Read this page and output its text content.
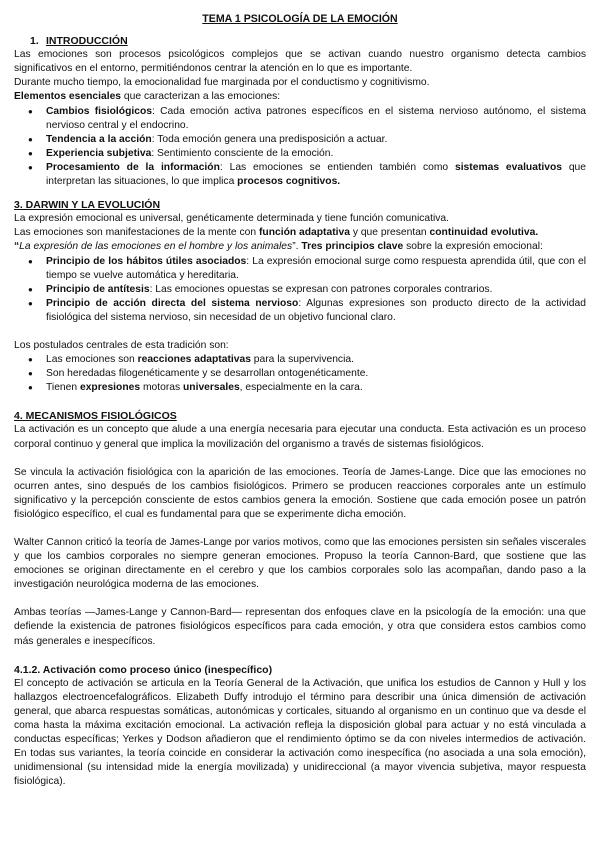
TEMA 1 PSICOLOGÍA DE LA EMOCIÓN
1. INTRODUCCIÓN

Las emociones son procesos psicológicos complejos que se activan cuando nuestro organismo detecta cambios significativos en el entorno, permitiéndonos centrar la atención en lo que es importante.

Durante mucho tiempo, la emocionalidad fue marginada por el conductismo y cognitivismo.

Elementos esenciales que caracterizan a las emociones:

● Cambios fisiológicos: Cada emoción activa patrones específicos en el sistema nervioso autónomo, el sistema nervioso central y el endocrino.
● Tendencia a la acción: Toda emoción genera una predisposición a actuar.
● Experiencia subjetiva: Sentimiento consciente de la emoción.
● Procesamiento de la información: Las emociones se entienden también como sistemas evaluativos que interpretan las situaciones, lo que implica procesos cognitivos.
3. DARWIN Y LA EVOLUCIÓN

La expresión emocional es universal, genéticamente determinada y tiene función comunicativa.

Las emociones son manifestaciones de la mente con función adaptativa y que presentan continuidad evolutiva.

“La expresión de las emociones en el hombre y los animales”. Tres principios clave sobre la expresión emocional:

● Principio de los hábitos útiles asociados: La expresión emocional surge como respuesta aprendida útil, que con el tiempo se vuelve automática y hereditaria.
● Principio de antítesis: Las emociones opuestas se expresan con patrones corporales contrarios.
● Principio de acción directa del sistema nervioso: Algunas expresiones son producto directo de la actividad fisiológica del sistema nervioso, sin necesidad de un objetivo funcional claro.

Los postulados centrales de esta tradición son:

● Las emociones son reacciones adaptativas para la supervivencia.
● Son heredadas filogenéticamente y se desarrollan ontogenéticamente.
● Tienen expresiones motoras universales, especialmente en la cara.
4. MECANISMOS FISIOLÓGICOS

La activación es un concepto que alude a una energía necesaria para ejecutar una conducta. Esta activación es un proceso corporal continuo y general que implica la movilización del organismo a través de sistemas fisiológicos.

Se vincula la activación fisiológica con la aparición de las emociones. Teoría de James-Lange. Dice que las emociones no ocurren antes, sino después de los cambios fisiológicos. Primero se producen reacciones corporales ante un estímulo significativo y la percepción consciente de estos cambios genera la emoción. Sostiene que cada emoción posee un patrón fisiológico específico, el cual es fundamental para que se experimente dicha emoción.

Walter Cannon criticó la teoría de James-Lange por varios motivos, como que las emociones persisten sin señales viscerales y que los cambios corporales no siempre generan emociones. Propuso la teoría Cannon-Bard, que sostiene que las emociones se originan directamente en el cerebro y que los cambios corporales solo las acompañan, dando paso a la investigación neurológica moderna de las emociones.

Ambas teorías —James-Lange y Cannon-Bard— representan dos enfoques clave en la psicología de la emoción: una que defiende la existencia de patrones fisiológicos específicos para cada emoción, y otra que considera estos cambios como más generales e inespecíficos.

4.1.2. Activación como proceso único (inespecífico)

El concepto de activación se articula en la Teoría General de la Activación, que unifica los estudios de Cannon y Hull y los hallazgos electroencefalográficos. Elizabeth Duffy introdujo el término para describir una única dimensión de activación general, que abarca respuestas somáticas, autonómicas y corticales, situando al organismo en un continuo que va desde el coma hasta la máxima excitación emocional. La activación refleja la disposición global para actuar y no está vinculada a conductas específicas; Yerkes y Dodson añadieron que el rendimiento óptimo se da con niveles intermedios de activación. En todas sus variantes, la teoría coincide en considerar la activación como inespecífica (no asociada a una sola emoción), unidimensional (su intensidad mide la energía movilizada) y unidireccional (a mayor vivencia subjetiva, mayor respuesta fisiológica).
